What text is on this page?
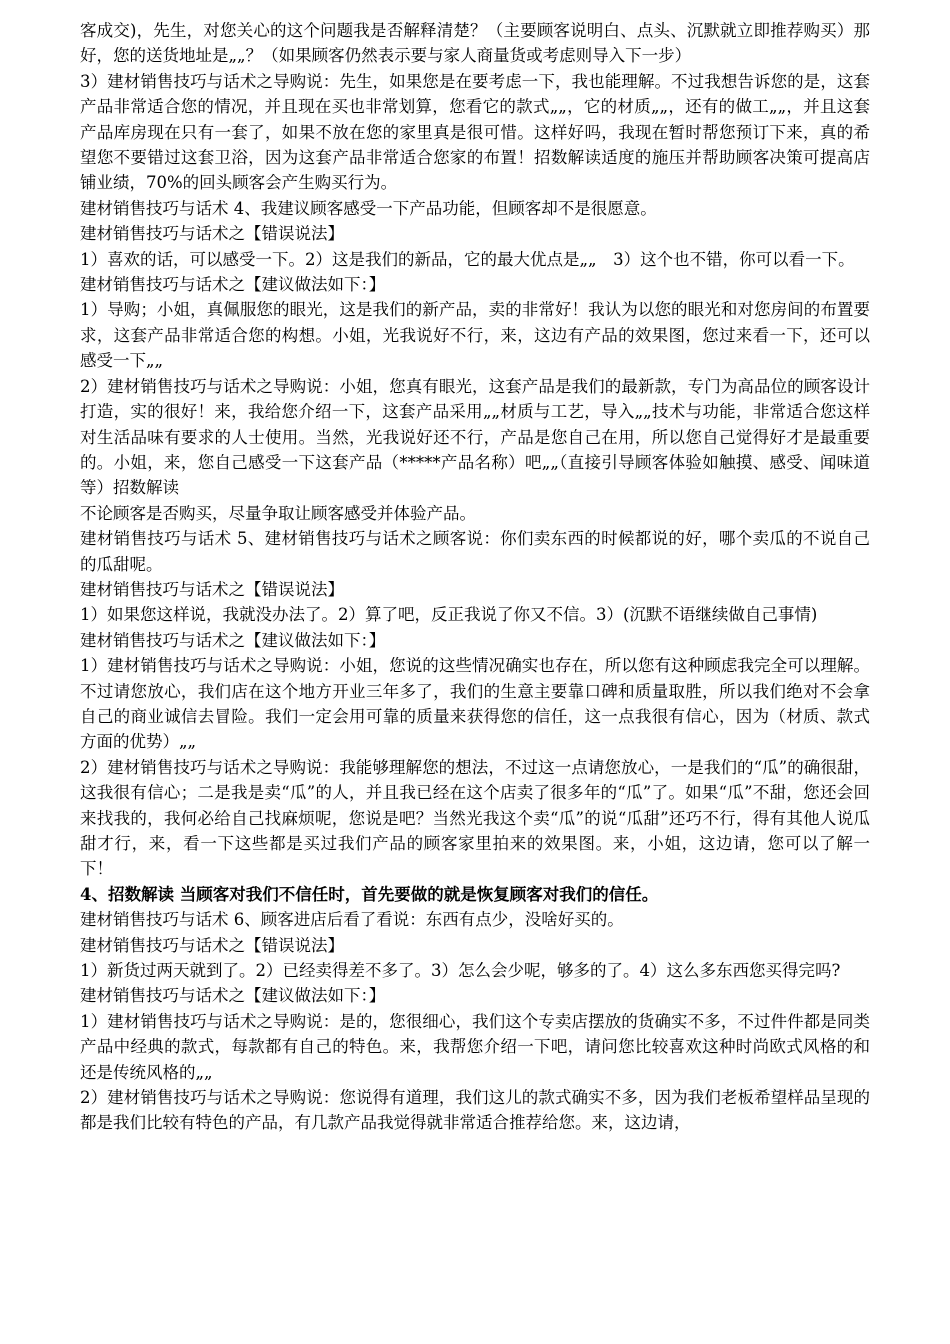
客成交)，先生，对您关心的这个问题我是否解释清楚？（主要顾客说明白、点头、沉默就立即推荐购买）那好，您的送货地址是„„？（如果顾客仍然表示要与家人商量货或考虑则导入下一步）

3）建材销售技巧与话术之导购说：先生，如果您是在要考虑一下，我也能理解。不过我想告诉您的是，这套产品非常适合您的情况，并且现在买也非常划算，您看它的款式„„，它的材质„„，还有的做工„„，并且这套产品库房现在只有一套了，如果不放在您的家里真是很可惜。这样好吗，我现在暂时帮您预订下来，真的希望您不要错过这套卫浴，因为这套产品非常适合您家的布置！招数解读适度的施压并帮助顾客决策可提高店铺业绩，70%的回头顾客会产生购买行为。

建材销售技巧与话术 4、我建议顾客感受一下产品功能，但顾客却不是很愿意。

建材销售技巧与话术之【错误说法】

1）喜欢的话，可以感受一下。2）这是我们的新品，它的最大优点是„„　3）这个也不错，你可以看一下。

建材销售技巧与话术之【建议做法如下：】

1）导购；小姐，真佩服您的眼光，这是我们的新产品，卖的非常好！我认为以您的眼光和对您房间的布置要求，这套产品非常适合您的构想。小姐，光我说好不行，来，这边有产品的效果图，您过来看一下，还可以感受一下„„

2）建材销售技巧与话术之导购说：小姐，您真有眼光，这套产品是我们的最新款，专门为高品位的顾客设计打造，实的很好！来，我给您介绍一下，这套产品采用„„材质与工艺，导入„„技术与功能，非常适合您这样对生活品味有要求的人士使用。当然，光我说好还不行，产品是您自己在用，所以您自己觉得好才是最重要的。小姐，来，您自己感受一下这套产品（*****产品名称）吧„„（直接引导顾客体验如触摸、感受、闻味道等）招数解读

不论顾客是否购买，尽量争取让顾客感受并体验产品。

建材销售技巧与话术 5、建材销售技巧与话术之顾客说：你们卖东西的时候都说的好，哪个卖瓜的不说自己的瓜甜呢。

建材销售技巧与话术之【错误说法】

1）如果您这样说，我就没办法了。2）算了吧，反正我说了你又不信。3）(沉默不语继续做自己事情)

建材销售技巧与话术之【建议做法如下：】

1）建材销售技巧与话术之导购说：小姐，您说的这些情况确实也存在，所以您有这种顾虑我完全可以理解。不过请您放心，我们店在这个地方开业三年多了，我们的生意主要靠口碑和质量取胜，所以我们绝对不会拿自己的商业诚信去冒险。我们一定会用可靠的质量来获得您的信任，这一点我很有信心，因为（材质、款式方面的优势）„„

2）建材销售技巧与话术之导购说：我能够理解您的想法，不过这一点请您放心，一是我们的“瓜”的确很甜，这我很有信心；二是我是卖“瓜”的人，并且我已经在这个店卖了很多年的“瓜”了。如果“瓜”不甜，您还会回来找我的，我何必给自己找麻烦呢，您说是吧？当然光我这个卖“瓜”的说“瓜甜”还巧不行，得有其他人说瓜甜才行，来，看一下这些都是买过我们产品的顾客家里拍来的效果图。来，小姐，这边请，您可以了解一下！

4、招数解读 当顾客对我们不信任时，首先要做的就是恢复顾客对我们的信任。

建材销售技巧与话术 6、顾客进店后看了看说：东西有点少，没啥好买的。

建材销售技巧与话术之【错误说法】

1）新货过两天就到了。2）已经卖得差不多了。3）怎么会少呢，够多的了。4）这么多东西您买得完吗?

建材销售技巧与话术之【建议做法如下：】

1）建材销售技巧与话术之导购说：是的，您很细心，我们这个专卖店摆放的货确实不多，不过件件都是同类产品中经典的款式，每款都有自己的特色。来，我帮您介绍一下吧，请问您比较喜欢这种时尚欧式风格的和还是传统风格的„„

2）建材销售技巧与话术之导购说：您说得有道理，我们这儿的款式确实不多，因为我们老板希望样品呈现的都是我们比较有特色的产品，有几款产品我觉得就非常适合推荐给您。来，这边请，
